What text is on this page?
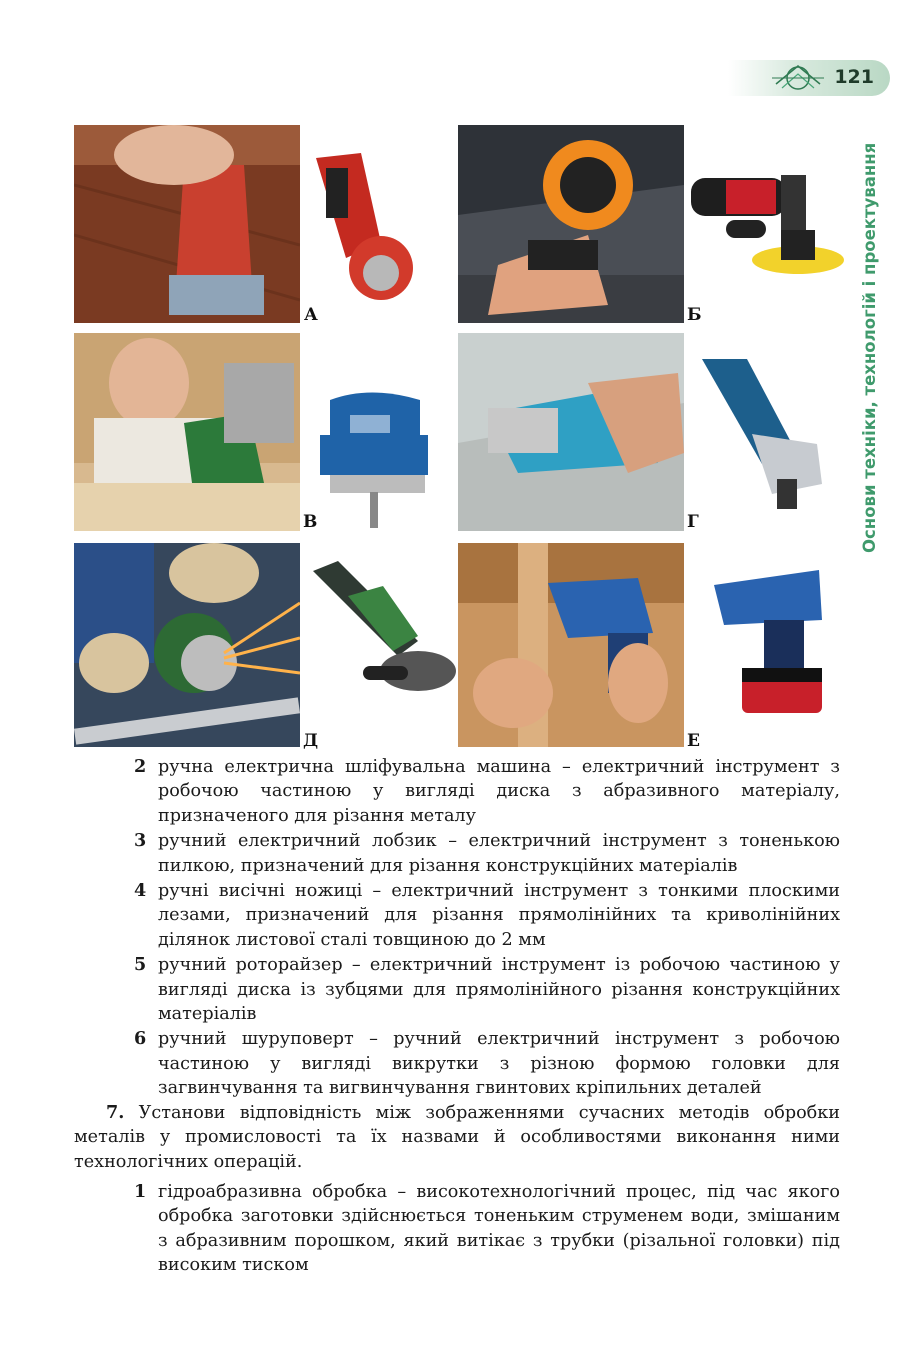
121
Основи техніки, технологій і проектування
А	Б
В	Г
Д	Е
2 ручна електрична шліфувальна машина – електричний інструмент з робочою частиною у вигляді диска з абразивного матеріалу, призначеного для різання металу
3 ручний електричний лобзик – електричний інструмент з тоненькою пилкою, призначений для різання конструкційних матеріалів
4 ручні висічні ножиці – електричний інструмент з тонкими плоскими лезами, призначений для різання прямолінійних та криволінійних ділянок листової сталі товщиною до 2 мм
5 ручний роторайзер – електричний інструмент із робочою частиною у вигляді диска із зубцями для прямолінійного різання конструкційних матеріалів
6 ручний шуруповерт – ручний електричний інструмент з робочою частиною у вигляді викрутки з різною формою головки для загвинчування та вигвинчування гвинтових кріпильних деталей
7. Установи відповідність між зображеннями сучасних методів обробки металів у промисловості та їх назвами й особливостями виконання ними технологічних операцій.
1 гідроабразивна обробка – високотехнологічний процес, під час якого обробка заготовки здійснюється тоненьким струменем води, змішаним з абразивним порошком, який витікає з трубки (різальної головки) під високим тиском
